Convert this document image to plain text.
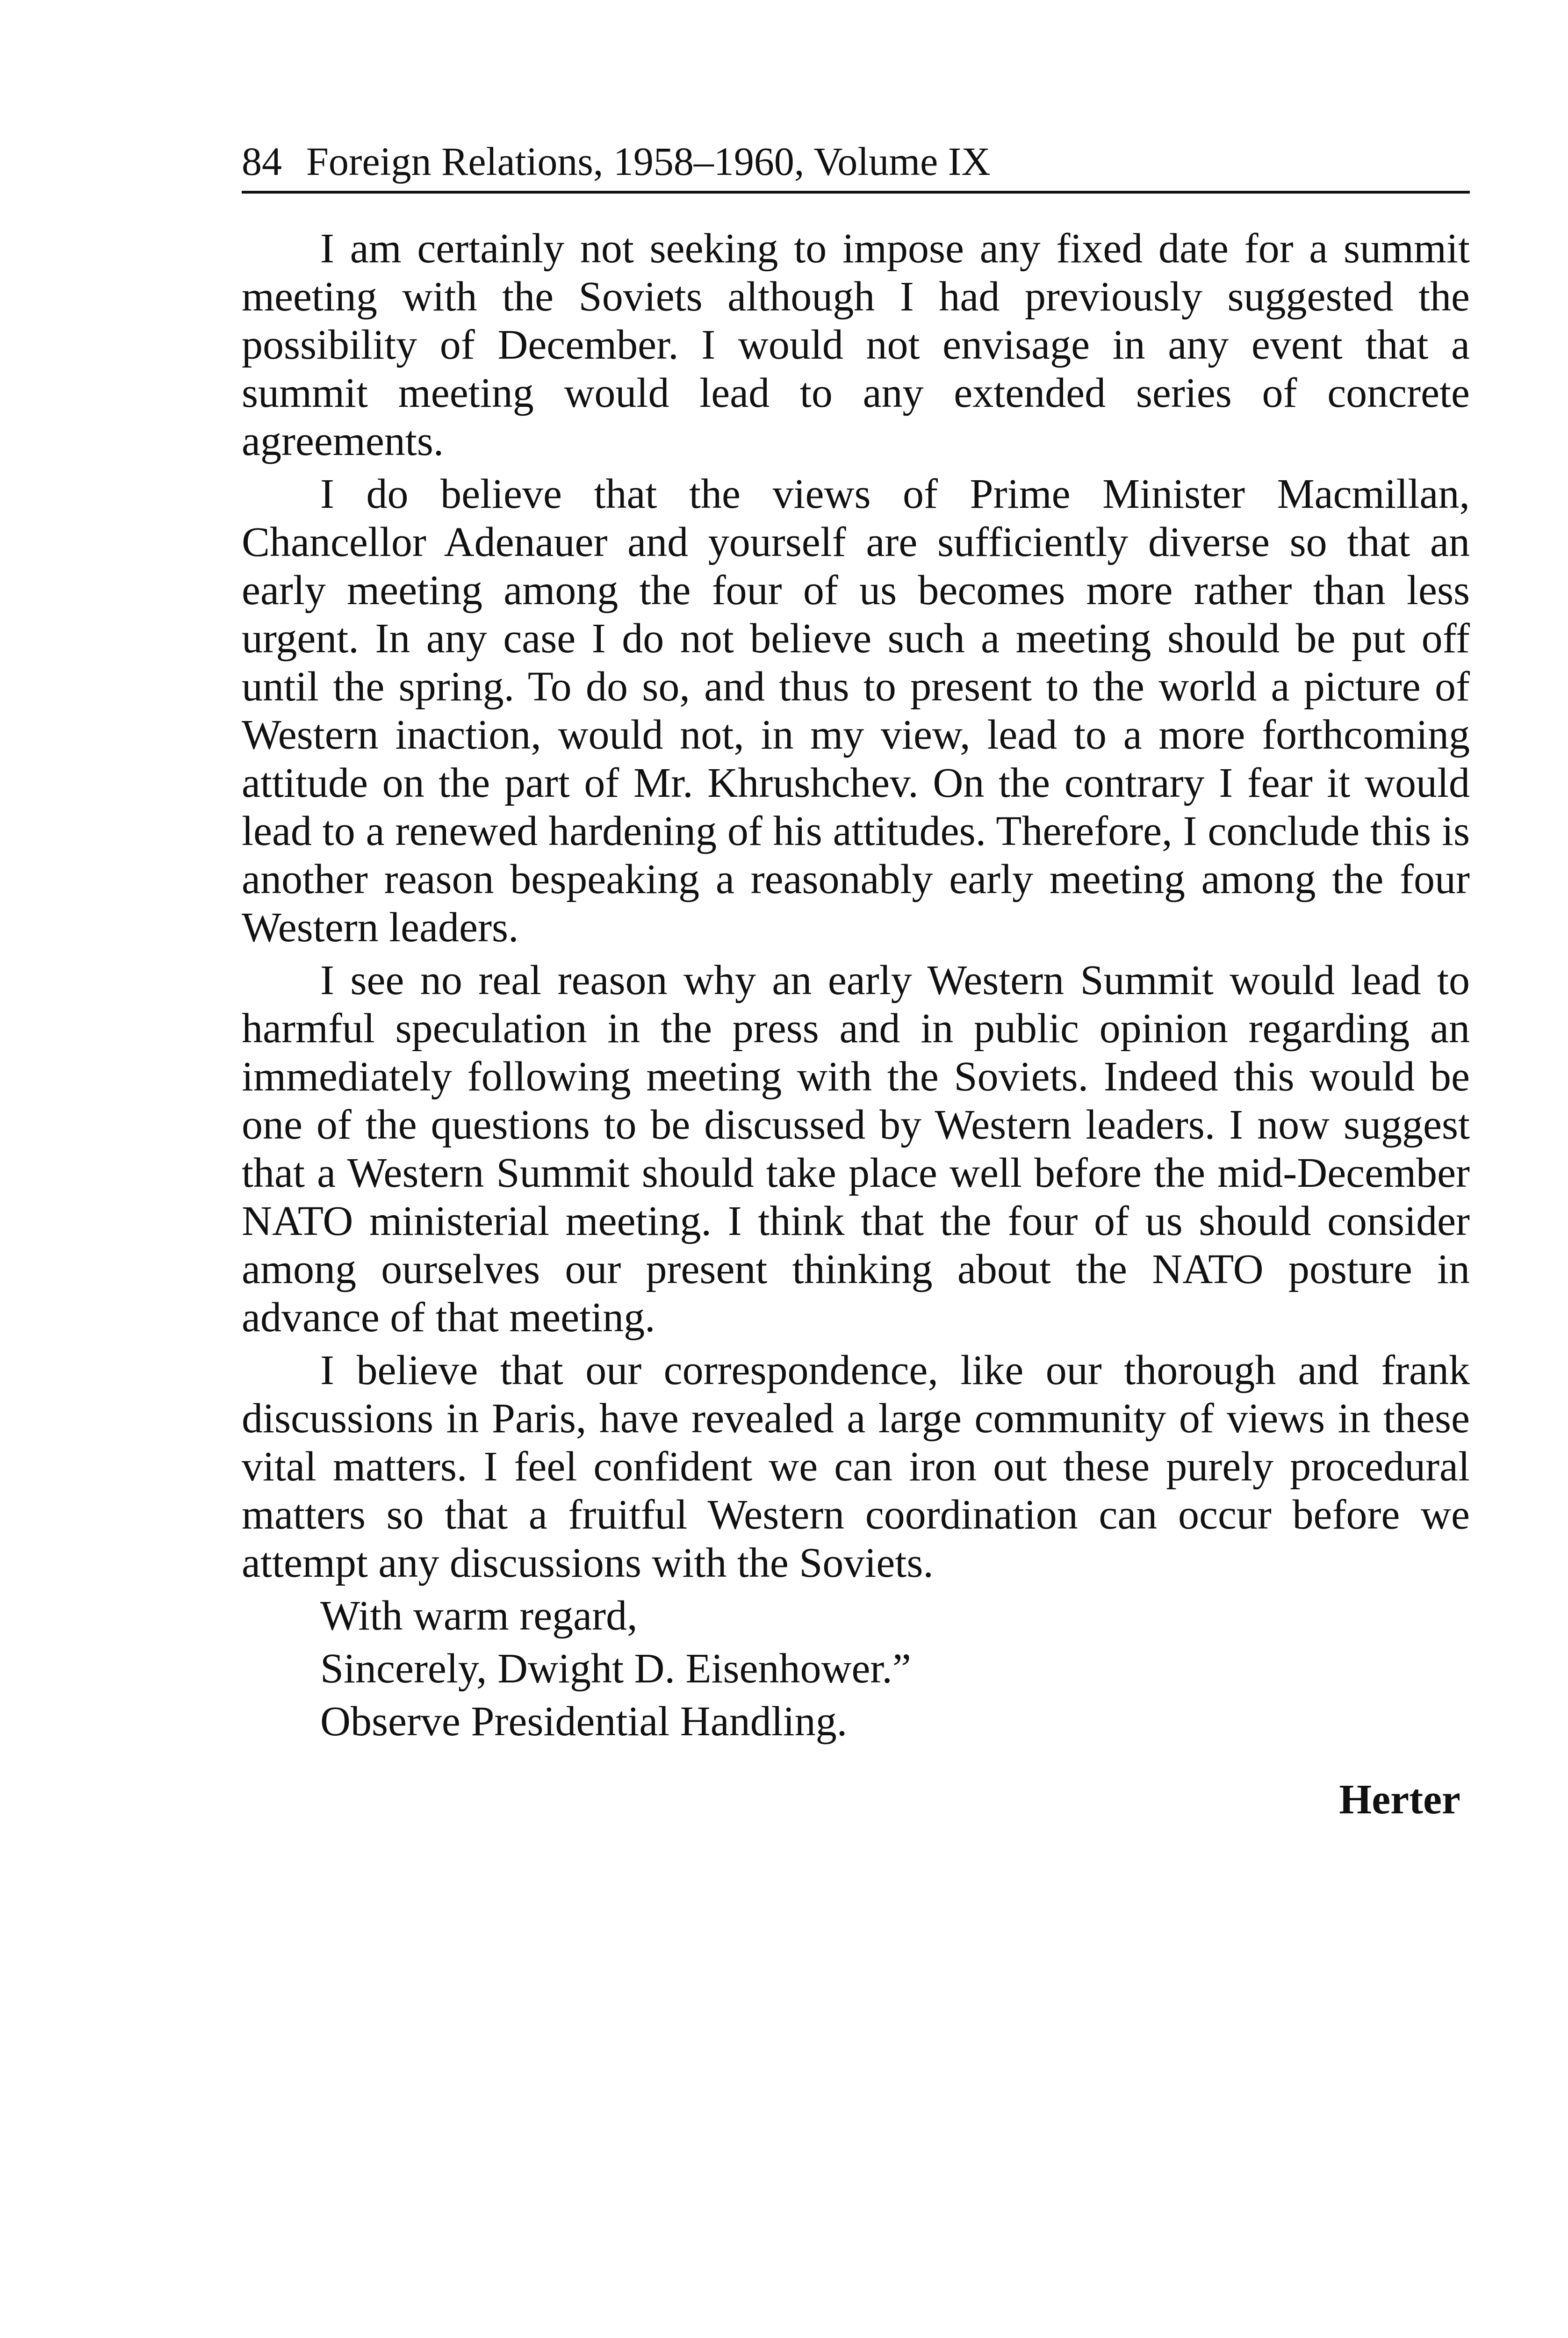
84 Foreign Relations, 1958–1960, Volume IX

I am certainly not seeking to impose any fixed date for a summit meeting with the Soviets although I had previously suggested the possibility of December. I would not envisage in any event that a summit meeting would lead to any extended series of concrete agreements.

I do believe that the views of Prime Minister Macmillan, Chancellor Adenauer and yourself are sufficiently diverse so that an early meeting among the four of us becomes more rather than less urgent. In any case I do not believe such a meeting should be put off until the spring. To do so, and thus to present to the world a picture of Western inaction, would not, in my view, lead to a more forthcoming attitude on the part of Mr. Khrushchev. On the contrary I fear it would lead to a renewed hardening of his attitudes. Therefore, I conclude this is another reason bespeaking a reasonably early meeting among the four Western leaders.

I see no real reason why an early Western Summit would lead to harmful speculation in the press and in public opinion regarding an immediately following meeting with the Soviets. Indeed this would be one of the questions to be discussed by Western leaders. I now suggest that a Western Summit should take place well before the mid-December NATO ministerial meeting. I think that the four of us should consider among ourselves our present thinking about the NATO posture in advance of that meeting.

I believe that our correspondence, like our thorough and frank discussions in Paris, have revealed a large community of views in these vital matters. I feel confident we can iron out these purely procedural matters so that a fruitful Western coordination can occur before we attempt any discussions with the Soviets.

With warm regard,

Sincerely, Dwight D. Eisenhower.”

Observe Presidential Handling.

Herter
